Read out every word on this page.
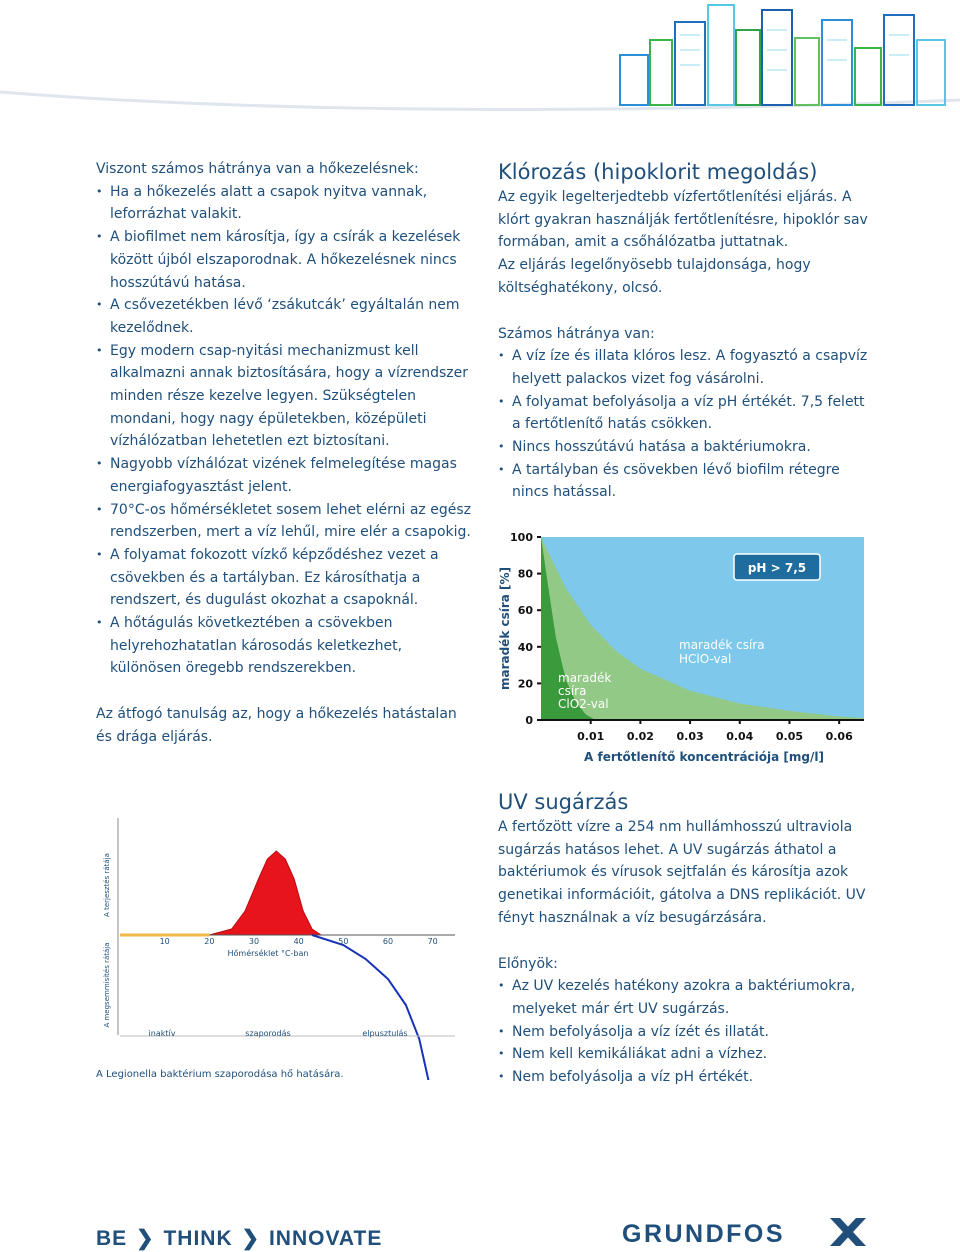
Viszont számos hátránya van a hőkezelésnek:

• Ha a hőkezelés alatt a csapok nyitva vannak, leforrázhat valakit.
• A biofilmet nem károsítja, így a csírák a kezelések között újból elszaporodnak. A hőkezelésnek nincs hosszútávú hatása.
• A csővezetékben lévő ‘zsákutcák’ egyáltalán nem kezelődnek.
• Egy modern csap-nyitási mechanizmust kell alkalmazni annak biztosítására, hogy a vízrendszer minden része kezelve legyen. Szükségtelen mondani, hogy nagy épületekben, középületi vízhálózatban lehetetlen ezt biztosítani.
• Nagyobb vízhálózat vizének felmelegítése magas energiafogyasztást jelent.
• 70°C-os hőmérsékletet sosem lehet elérni az egész rendszerben, mert a víz lehűl, mire elér a csapokig.
• A folyamat fokozott vízkő képződéshez vezet a csövekben és a tartályban. Ez károsíthatja a rendszert, és dugulást okozhat a csapoknál.
• A hőtágulás következtében a csövekben helyrehozhatatlan károsodás keletkezhet, különösen öregebb rendszerekben.

Az átfogó tanulság az, hogy a hőkezelés hatástalan és drága eljárás.

Klórozás (hipoklorit megoldás)

Az egyik legelterjedtebb vízfertőtlenítési eljárás. A klórt gyakran használják fertőtlenítésre, hipoklór sav formában, amit a csőhálózatba juttatnak.

Az eljárás legelőnyösebb tulajdonsága, hogy költséghatékony, olcsó.

Számos hátránya van:

• A víz íze és illata klóros lesz. A fogyasztó a csapvíz helyett palackos vizet fog vásárolni.
• A folyamat befolyásolja a víz pH értékét. 7,5 felett a fertőtlenítő hatás csökken.
• Nincs hosszútávú hatása a baktériumokra.
• A tartályban és csövekben lévő biofilm rétegre nincs hatással.
0.01 0.02 0.03 0.04 0.05 0.06
0
20
40
60
80
100
maradék csíra [%]
A fertőtlenítő koncentrációja [mg/l]
pH > 7,5
maradék csíra
HClO-val
maradék
csíra
ClO2-val
UV sugárzás

A fertőzött vízre a 254 nm hullámhosszú ultraviola sugárzás hatásos lehet. A UV sugárzás áthatol a baktériumok és vírusok sejtfalán és károsítja azok genetikai információit, gátolva a DNS replikációt. UV fényt használnak a víz besugárzására.

Előnyök:

• Az UV kezelés hatékony azokra a baktériumokra, melyeket már ért UV sugárzás.
• Nem befolyásolja a víz ízét és illatát.
• Nem kell kemikáliákat adni a vízhez.
• Nem befolyásolja a víz pH értékét.
A terjesztés rátája
A megsemmisítés rátája
10	20	30	40	50	60	70
Hőmérséklet °C-ban
inaktív	szaporodás	elpusztulás
A Legionella baktérium szaporodása hő hatására.
BE ❯ THINK ❯ INNOVATE	GRUNDFOS
